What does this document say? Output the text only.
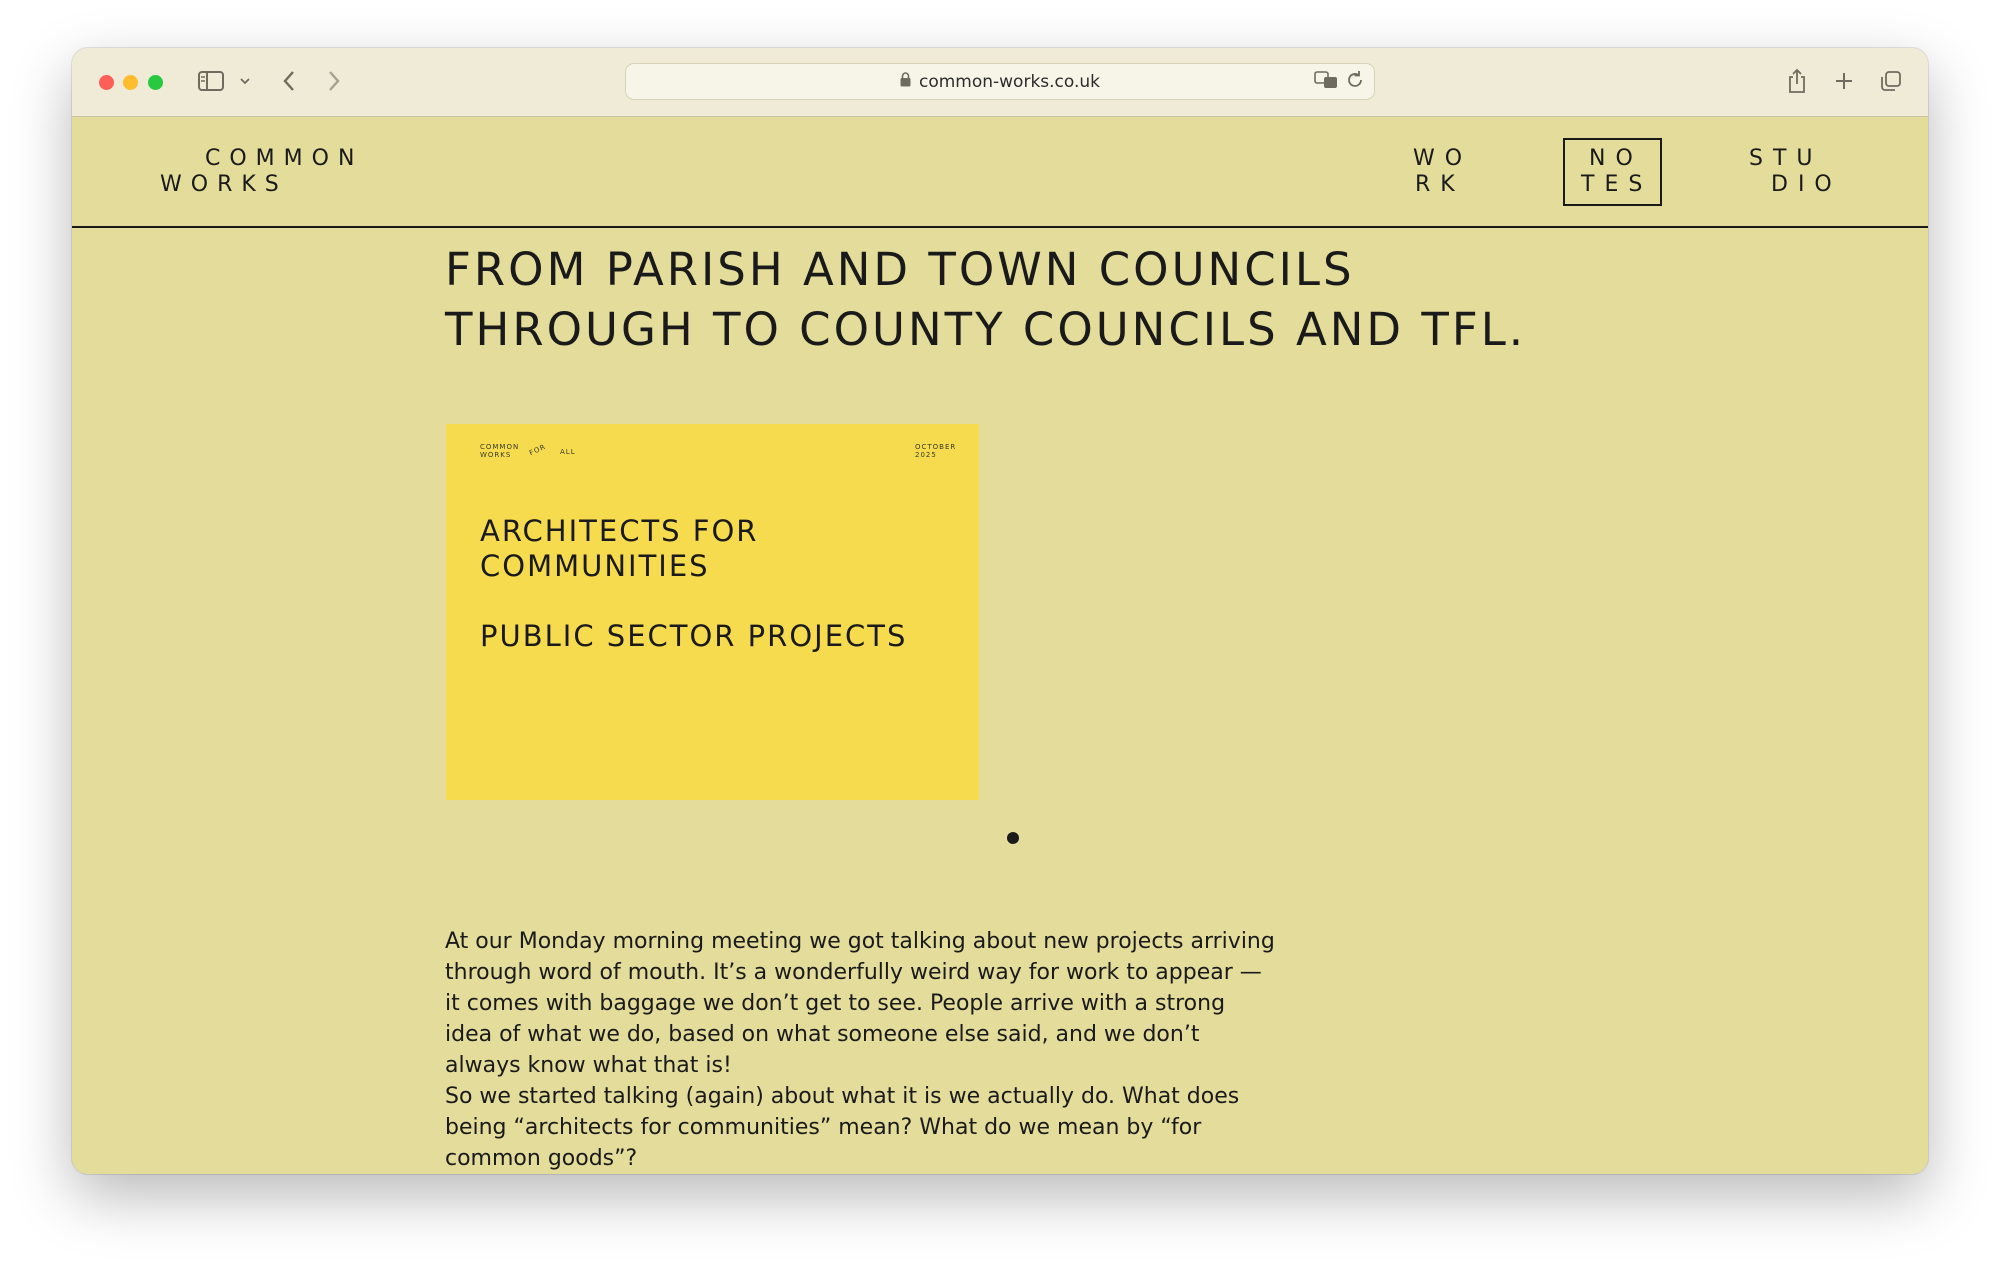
common-works.co.uk
COMMON
WORKS
WO
RK
NO
TES
STU
DIO
FROM PARISH AND TOWN COUNCILS
THROUGH TO COUNTY COUNCILS AND TFL.
COMMON
WORKS	FOR ALL
OCTOBER
2025
ARCHITECTS FOR
COMMUNITIES
PUBLIC SECTOR PROJECTS

At our Monday morning meeting we got talking about new projects arriving through word of mouth. It’s a wonderfully weird way for work to appear — it comes with baggage we don’t get to see. People arrive with a strong idea of what we do, based on what someone else said, and we don’t always know what that is!

So we started talking (again) about what it is we actually do. What does being “architects for communities” mean? What do we mean by “for common goods”?
